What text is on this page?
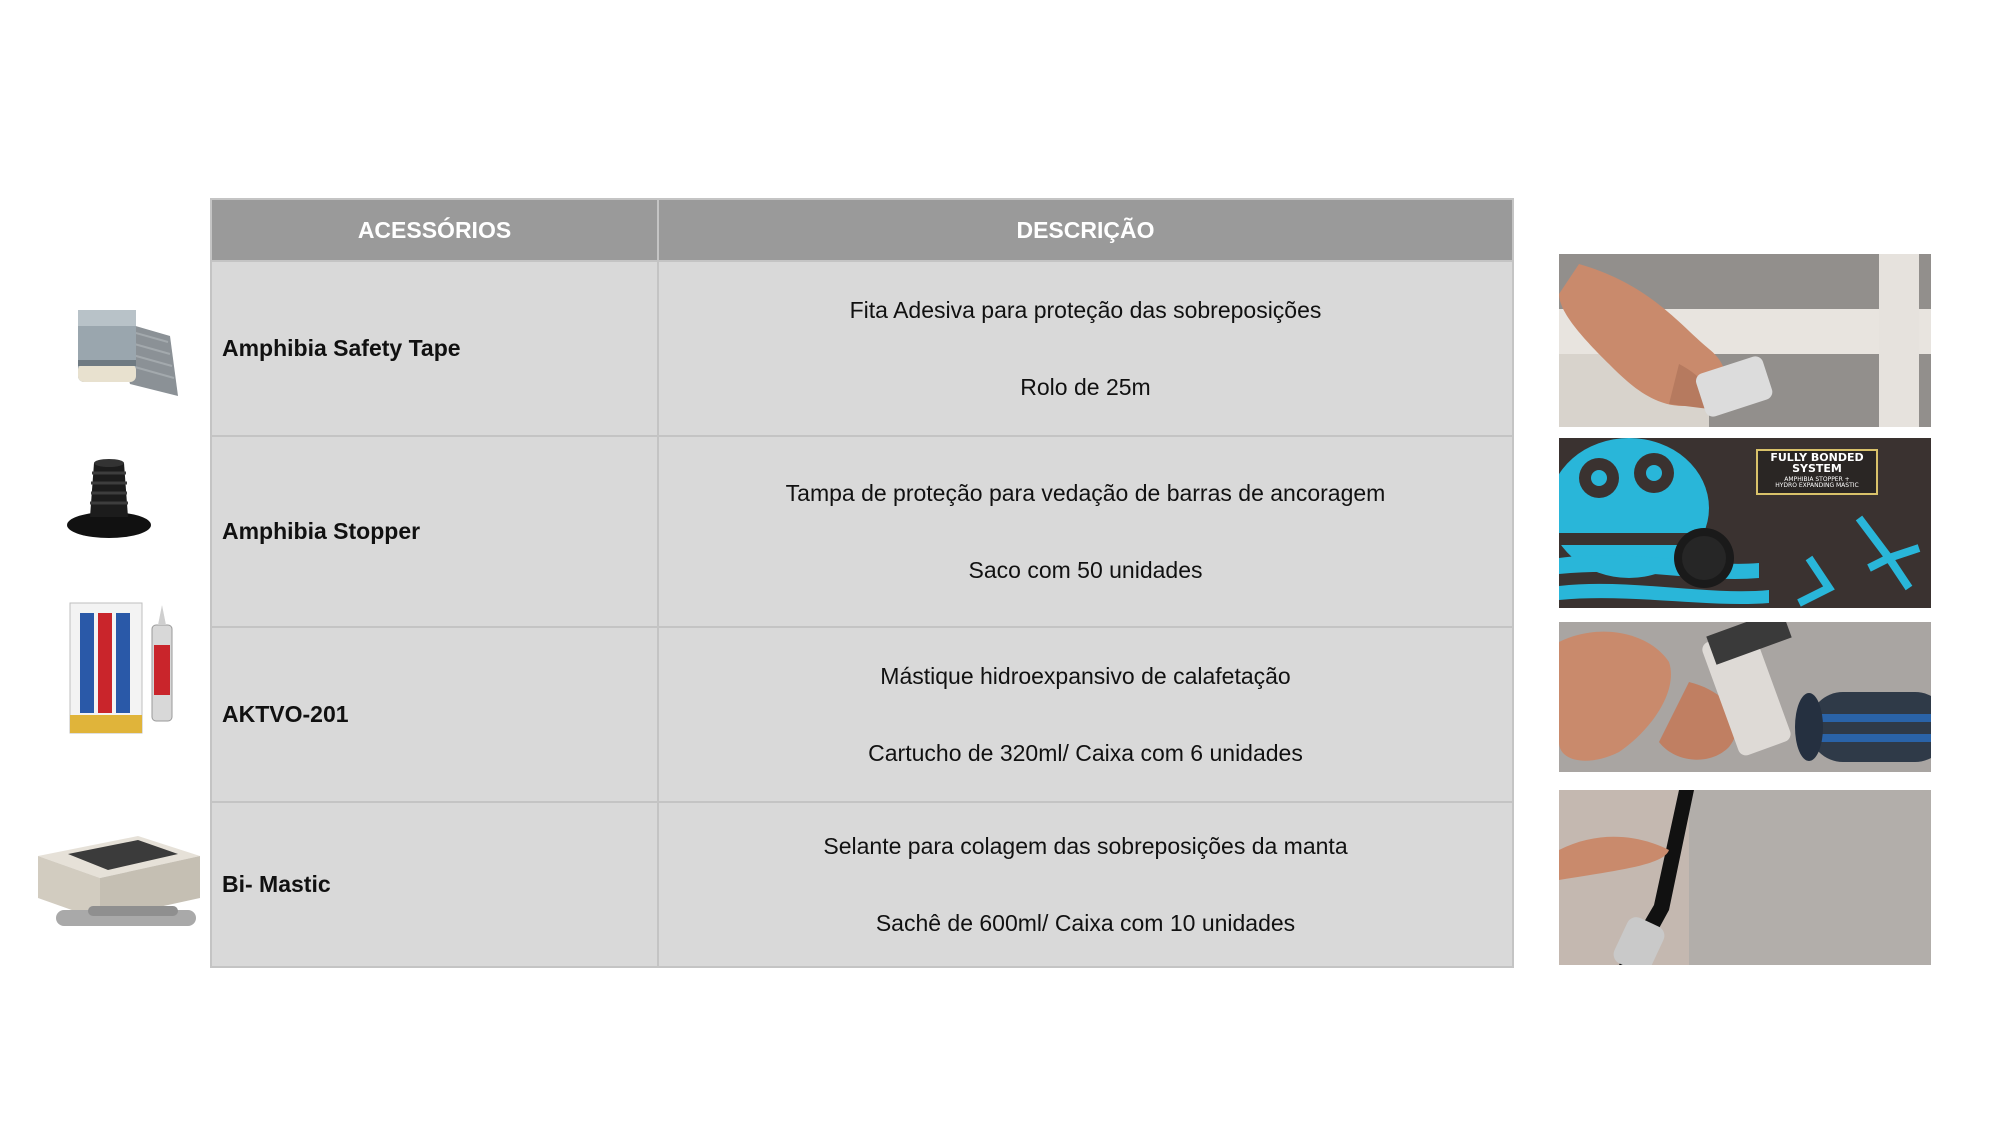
ACESSÓRIOS	DESCRIÇÃO
Amphibia Safety Tape	Fita Adesiva para proteção das sobreposições
Rolo de 25m

Amphibia Stopper	Tampa de proteção para vedação de barras de ancoragem
Saco com 50 unidades

AKTVO-201	Mástique hidroexpansivo de calafetação
Cartucho de 320ml/ Caixa com 6 unidades

Bi- Mastic	Selante para colagem das sobreposições da manta
Sachê de 600ml/ Caixa com 10 unidades
FULLY BONDED
SYSTEM
AMPHIBIA STOPPER +
HYDRO EXPANDING MASTIC
